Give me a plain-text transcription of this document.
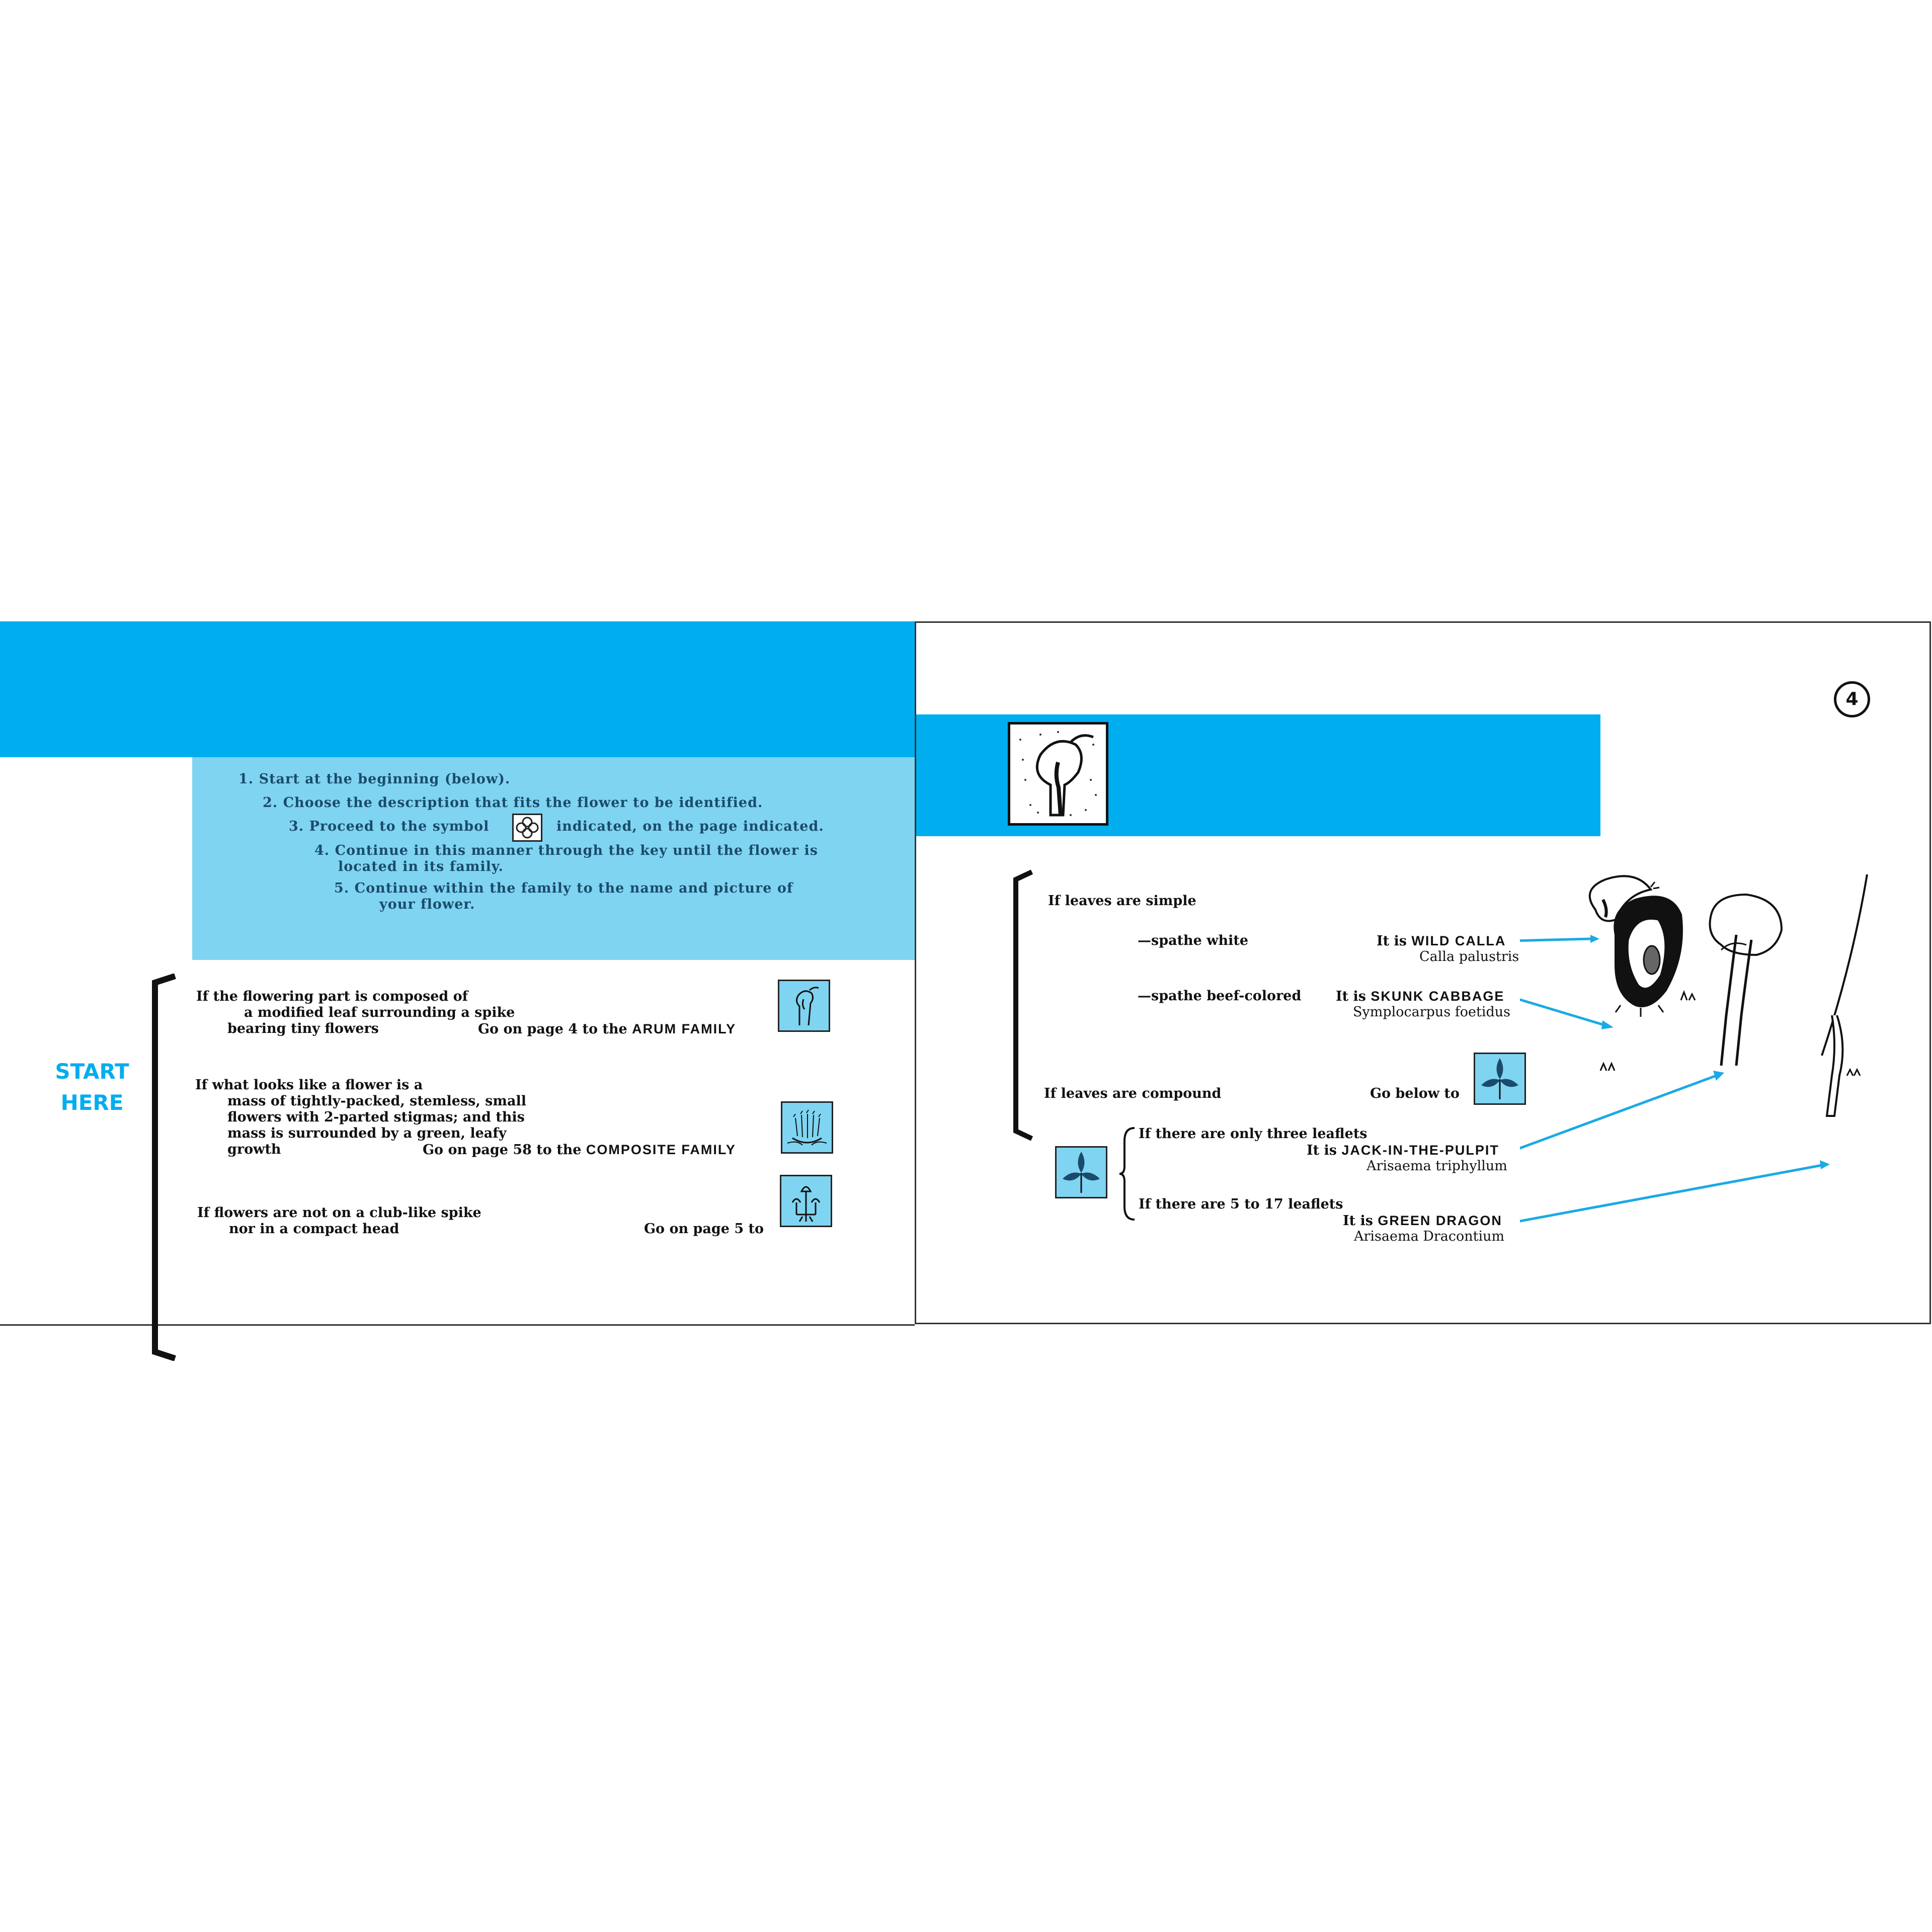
1. Start at the beginning (below).
2. Choose the description that fits the flower to be identified.
3. Proceed to the symbol	indicated, on the page indicated.
4. Continue in this manner through the key until the flower is
located in its family.
5. Continue within the family to the name and picture of
your flower.
START
HERE
If the flowering part is composed of
a modified leaf surrounding a spike
bearing tiny flowers	Go on page 4 to the ARUM FAMILY
If what looks like a flower is a
mass of tightly-packed, stemless, small
flowers with 2-parted stigmas; and this
mass is surrounded by a green, leafy
growth	Go on page 58 to the COMPOSITE FAMILY
If flowers are not on a club-like spike
nor in a compact head	Go on page 5 to
4
If leaves are simple
—spathe white	It is WILD CALLA
Calla palustris
—spathe beef-colored	It is SKUNK CABBAGE
Symplocarpus foetidus
If leaves are compound	Go below to
If there are only three leaflets
It is JACK-IN-THE-PULPIT
Arisaema triphyllum
If there are 5 to 17 leaflets
It is GREEN DRAGON
Arisaema Dracontium
